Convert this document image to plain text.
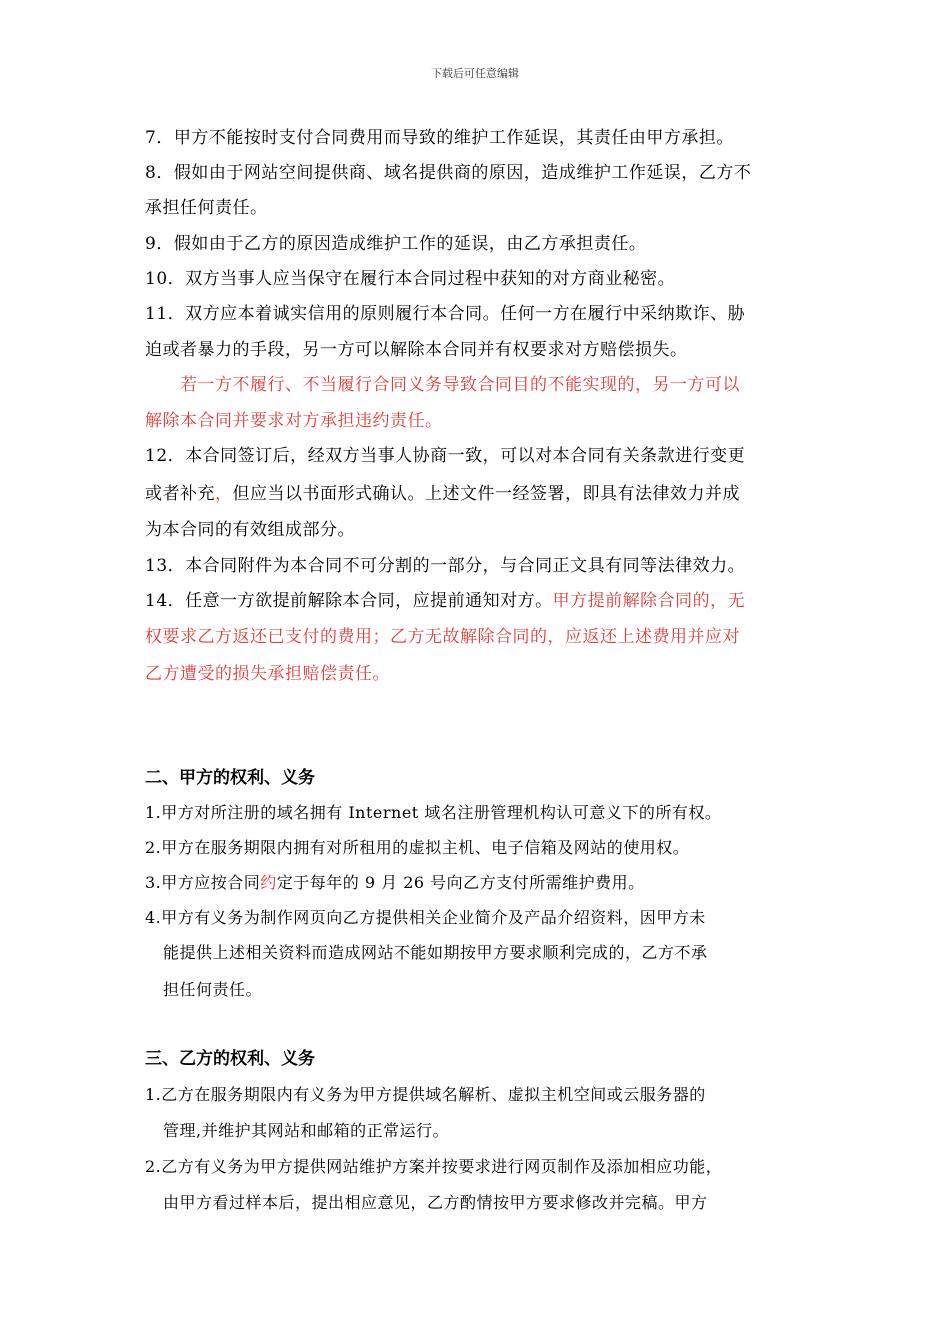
下载后可任意编辑
7．甲方不能按时支付合同费用而导致的维护工作延误，其责任由甲方承担。
8．假如由于网站空间提供商、域名提供商的原因，造成维护工作延误，乙方不
承担任何责任。
9．假如由于乙方的原因造成维护工作的延误，由乙方承担责任。
10．双方当事人应当保守在履行本合同过程中获知的对方商业秘密。
11．双方应本着诚实信用的原则履行本合同。任何一方在履行中采纳欺诈、胁
迫或者暴力的手段，另一方可以解除本合同并有权要求对方赔偿损失。
若一方不履行、不当履行合同义务导致合同目的不能实现的，另一方可以
解除本合同并要求对方承担违约责任。
12．本合同签订后，经双方当事人协商一致，可以对本合同有关条款进行变更
或者补充，但应当以书面形式确认。上述文件一经签署，即具有法律效力并成
为本合同的有效组成部分。
13．本合同附件为本合同不可分割的一部分，与合同正文具有同等法律效力。
14．任意一方欲提前解除本合同，应提前通知对方。甲方提前解除合同的，无
权要求乙方返还已支付的费用；乙方无故解除合同的，应返还上述费用并应对
乙方遭受的损失承担赔偿责任。
二、甲方的权利、义务
1.甲方对所注册的域名拥有 Internet 域名注册管理机构认可意义下的所有权。
2.甲方在服务期限内拥有对所租用的虚拟主机、电子信箱及网站的使用权。
3.甲方应按合同约定于每年的 9 月 26 号向乙方支付所需维护费用。
4.甲方有义务为制作网页向乙方提供相关企业简介及产品介绍资料，因甲方未
能提供上述相关资料而造成网站不能如期按甲方要求顺利完成的，乙方不承
担任何责任。
三、乙方的权利、义务
1.乙方在服务期限内有义务为甲方提供域名解析、虚拟主机空间或云服务器的
管理,并维护其网站和邮箱的正常运行。
2.乙方有义务为甲方提供网站维护方案并按要求进行网页制作及添加相应功能，
由甲方看过样本后，提出相应意见，乙方酌情按甲方要求修改并完稿。甲方
